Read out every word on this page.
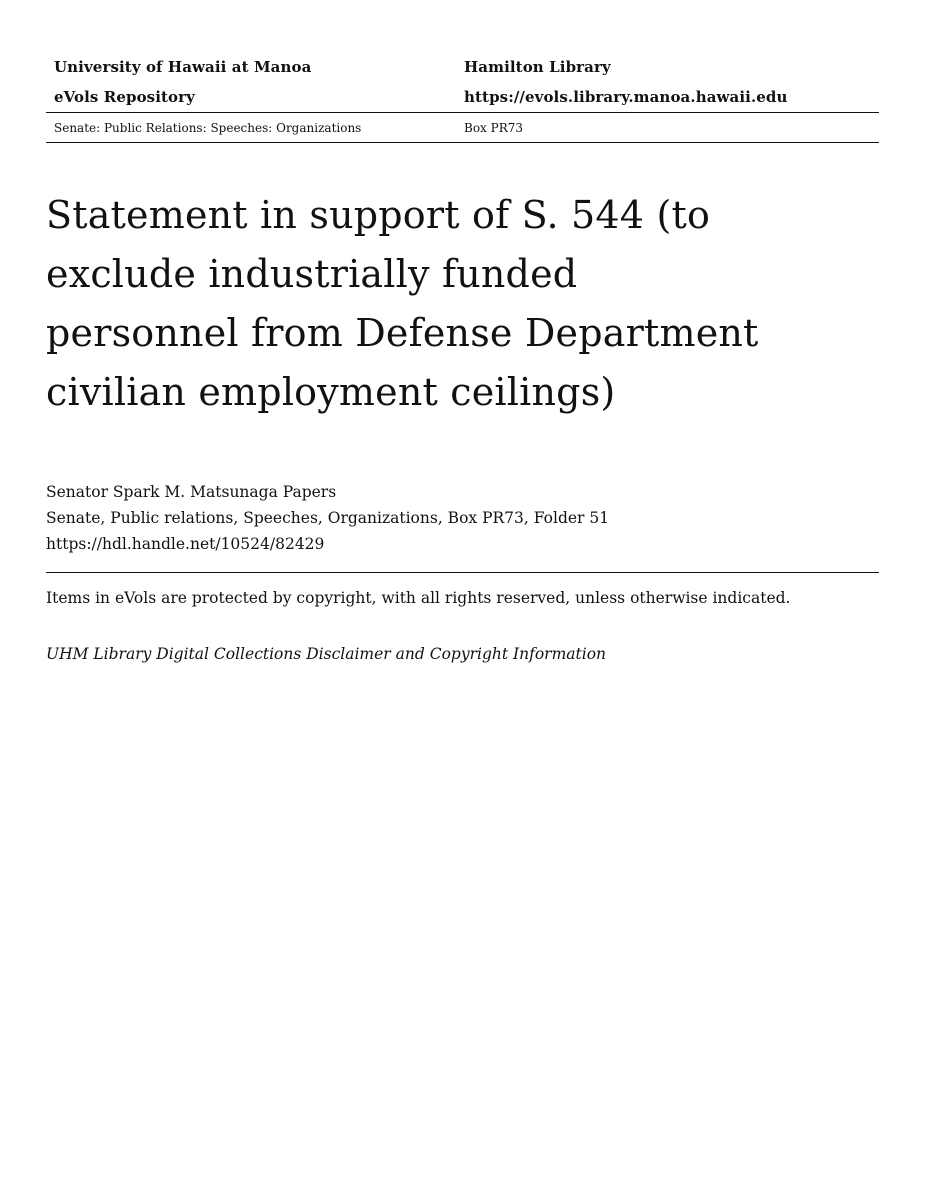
University of Hawaii at Manoa	Hamilton Library
eVols Repository	https://evols.library.manoa.hawaii.edu
Senate: Public Relations: Speeches: Organizations	Box PR73
Statement in support of S. 544 (to
exclude industrially funded
personnel from Defense Department
civilian employment ceilings)
Senator Spark M. Matsunaga Papers
Senate, Public relations, Speeches, Organizations, Box PR73, Folder 51
https://hdl.handle.net/10524/82429
Items in eVols are protected by copyright, with all rights reserved, unless otherwise indicated.
UHM Library Digital Collections Disclaimer and Copyright Information
